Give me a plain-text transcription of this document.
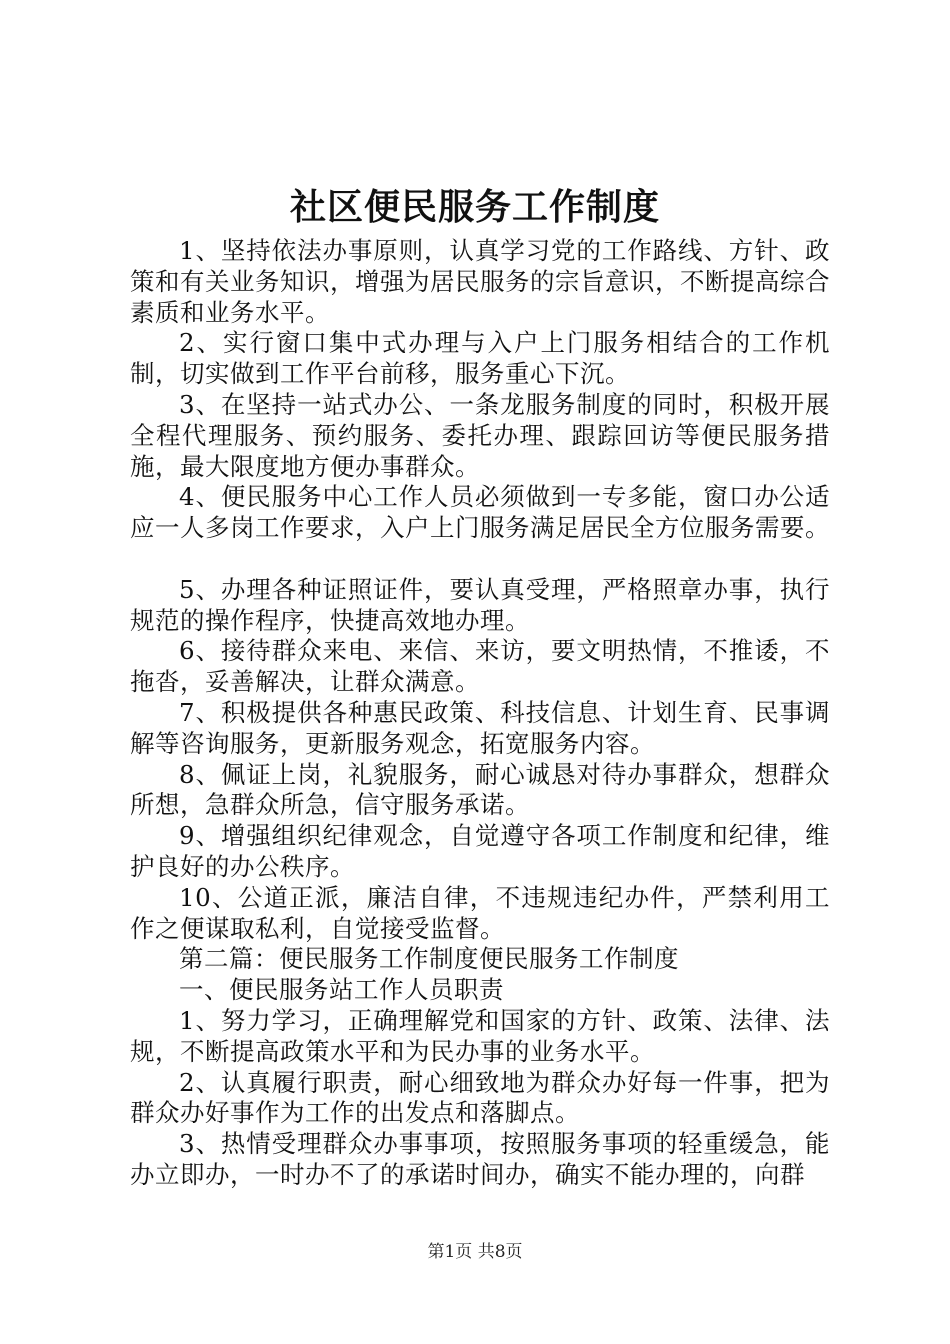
社区便民服务工作制度

1、坚持依法办事原则，认真学习党的工作路线、方针、政策和有关业务知识，增强为居民服务的宗旨意识，不断提高综合素质和业务水平。

2、实行窗口集中式办理与入户上门服务相结合的工作机制，切实做到工作平台前移，服务重心下沉。

3、在坚持一站式办公、一条龙服务制度的同时，积极开展全程代理服务、预约服务、委托办理、跟踪回访等便民服务措施，最大限度地方便办事群众。

4、便民服务中心工作人员必须做到一专多能，窗口办公适应一人多岗工作要求，入户上门服务满足居民全方位服务需要。

5、办理各种证照证件，要认真受理，严格照章办事，执行规范的操作程序，快捷高效地办理。

6、接待群众来电、来信、来访，要文明热情，不推诿，不拖沓，妥善解决，让群众满意。

7、积极提供各种惠民政策、科技信息、计划生育、民事调解等咨询服务，更新服务观念，拓宽服务内容。

8、佩证上岗，礼貌服务，耐心诚恳对待办事群众，想群众所想，急群众所急，信守服务承诺。

9、增强组织纪律观念，自觉遵守各项工作制度和纪律，维护良好的办公秩序。

10、公道正派，廉洁自律，不违规违纪办件，严禁利用工作之便谋取私利，自觉接受监督。

第二篇：便民服务工作制度便民服务工作制度

一、便民服务站工作人员职责

1、努力学习，正确理解党和国家的方针、政策、法律、法规，不断提高政策水平和为民办事的业务水平。

2、认真履行职责，耐心细致地为群众办好每一件事，把为群众办好事作为工作的出发点和落脚点。

3、热情受理群众办事事项，按照服务事项的轻重缓急，能办立即办，一时办不了的承诺时间办，确实不能办理的，向群

第1页 共8页
